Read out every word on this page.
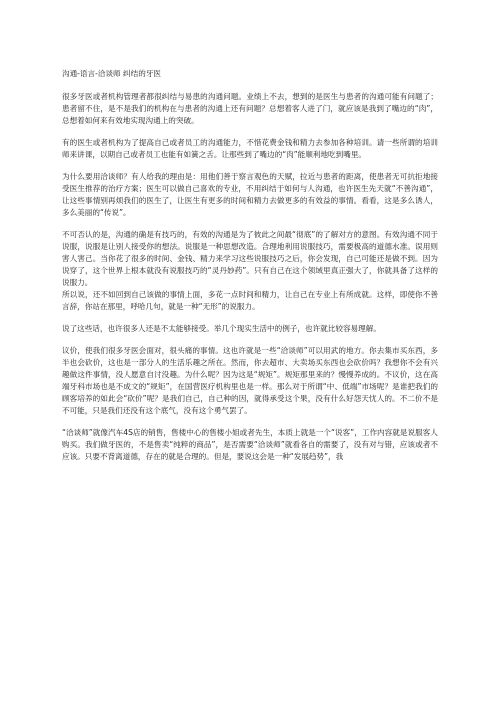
沟通-语言-洽谈师 纠结的牙医

很多牙医或者机构管理者都很纠结与易患的沟通问题。业绩上不去，想到的是医生与患者的沟通可能有问题了；患者留不住，是不是我们的机构在与患者的沟通上还有问题？总想着客人进了门，就应该是我到了嘴边的“肉”，总想着如何来有效地实现沟通上的突破。

有的医生或者机构为了提高自己或者员工的沟通能力，不惜花费金钱和精力去参加各种培训。请一些所谓的培训师来讲课，以期自己或者员工也能有如簧之舌。让那些到了嘴边的“肉”能顺利地吃到嘴里。

为什么要用洽谈师？有人给我的理由是：用他们善于察言观色的天赋，拉近与患者的距离，使患者无可抗拒地接受医生推荐的治疗方案；医生可以做自己喜欢的专业，不用纠结于如何与人沟通，也许医生先天就“不善沟通”，让这些事情别再烦我们的医生了，让医生有更多的时间和精力去做更多的有效益的事情。看看，这是多么诱人，多么美丽的“传说”。

不可否认的是，沟通的确是有技巧的，有效的沟通是为了彼此之间最“彻底”的了解对方的意图。有效沟通不同于说服，说服是让别人接受你的想法。说服是一种思想改造。合理地利用说服技巧，需要极高的道德水准。误用则害人害己。当你花了很多的时间、金钱、精力来学习这些说服技巧之后，你会发现，自己可能还是做不到。因为说穿了，这个世界上根本就没有说服技巧的“灵丹妙药”。只有自己在这个领域里真正强大了，你就具备了这样的说服力。

所以说，还不如回到自己该做的事情上面，多花一点时间和精力，让自己在专业上有所成就。这样，即使你不善言辞，你站在那里，呼哈几句，就是一种“无形”的说服力。

说了这些话，也许很多人还是不太能够接受。举几个现实生活中的例子，也许就比较容易理解。

议价，使我们很多牙医会面对，很头痛的事情。这也许就是一些“洽谈师”可以用武的地方。你去集市买东西，多半也会砍价，这也是一部分人的生活乐趣之所在。然而，你去超市、大卖场买东西也会砍价吗？我想你不会有兴趣做这件事情，没人愿意自讨没趣。为什么呢？因为这是“规矩”。规矩那里来的？慢慢养成的。不议价，这在高端牙科市场也是不成文的“规矩”，在国营医疗机构里也是一样。那么对于所谓“中、低端”市场呢？是谁把我们的顾客培养的如此会“砍价”呢？是我们自己，自己种的因，就得承受这个果，没有什么好怨天忧人的。不二价不是不可能，只是我们还没有这个底气，没有这个勇气罢了。

“洽谈师”就像汽车4S店的销售，售楼中心的售楼小姐或者先生，本质上就是一个“说客”，工作内容就是说服客人购买。我们做牙医的，不是售卖“纯粹的商品”，是否需要“洽谈师”就看各自的需要了，没有对与错，应该或者不应该。只要不背离道德，存在的就是合理的。但是，要说这会是一种“发展趋势”，我
